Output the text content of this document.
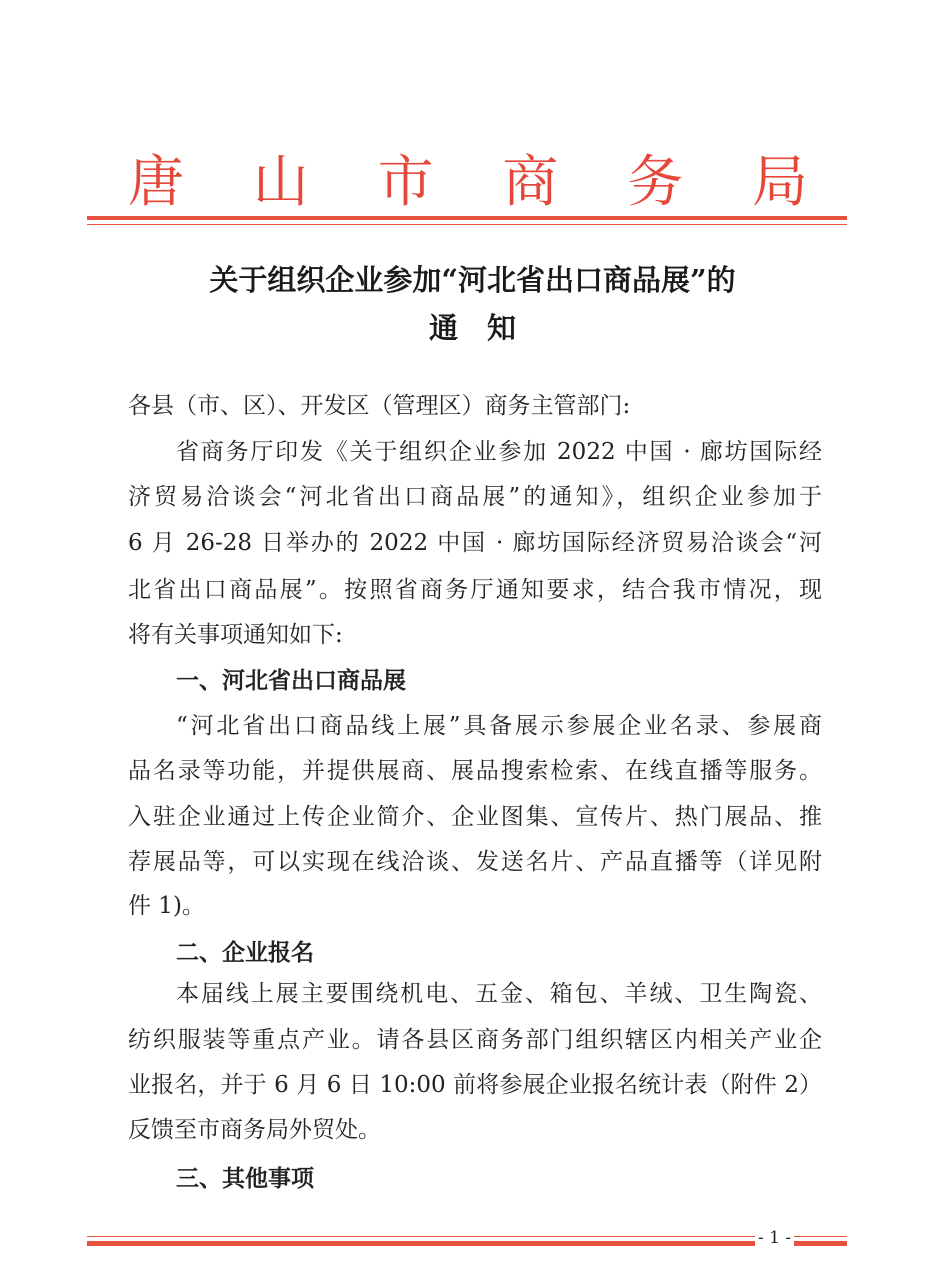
唐 山 市 商 务 局
关于组织企业参加“河北省出口商品展”的
通　知
各县（市、区）、开发区（管理区）商务主管部门:
省商务厅印发《关于组织企业参加 2022 中国 · 廊坊国际经
济贸易洽谈会“河北省出口商品展”的通知》，组织企业参加于
6 月 26-28 日举办的 2022 中国 · 廊坊国际经济贸易洽谈会“河
北省出口商品展”。按照省商务厅通知要求，结合我市情况，现
将有关事项通知如下:
一、河北省出口商品展
“河北省出口商品线上展”具备展示参展企业名录、参展商
品名录等功能，并提供展商、展品搜索检索、在线直播等服务。
入驻企业通过上传企业简介、企业图集、宣传片、热门展品、推
荐展品等，可以实现在线洽谈、发送名片、产品直播等（详见附
件 1)。
二、企业报名
本届线上展主要围绕机电、五金、箱包、羊绒、卫生陶瓷、
纺织服装等重点产业。请各县区商务部门组织辖区内相关产业企
业报名，并于 6 月 6 日 10:00 前将参展企业报名统计表（附件 2）
反馈至市商务局外贸处。
三、其他事项
- 1 -
